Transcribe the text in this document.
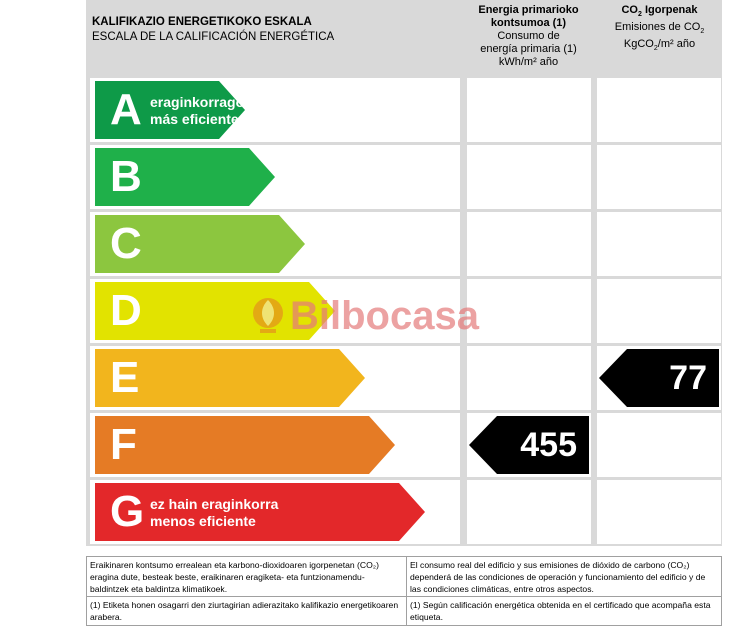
KALIFIKAZIO ENERGETIKOKO ESKALA
ESCALA DE LA CALIFICACIÓN ENERGÉTICA
Energia primarioko
kontsumoa (1)
Consumo de
energía primaria (1)
kWh/m² año
$CO_2$ Igorpenak
Emisiones de $CO_2$
KgCO$_2$/m² año
A eraginkorragoa
más eficiente
B
C
D
E
F
G ez hain eraginkorra
menos eficiente
455
77
Bilbocasa
Eraikinaren kontsumo errealean eta karbono-dioxidoaren igorpenetan (CO₂) eragina dute, besteak beste, eraikinaren eragiketa- eta funtzionamendu-baldintzek eta baldintza klimatikoek.
El consumo real del edificio y sus emisiones de dióxido de carbono (CO₂) dependerá de las condiciones de operación y funcionamiento del edificio y de las condiciones climáticas, entre otros aspectos.
(1) Etiketa honen osagarri den ziurtagirian adierazitako kalifikazio energetikoaren arabera.
(1) Según calificación energética obtenida en el certificado que acompaña esta etiqueta.
